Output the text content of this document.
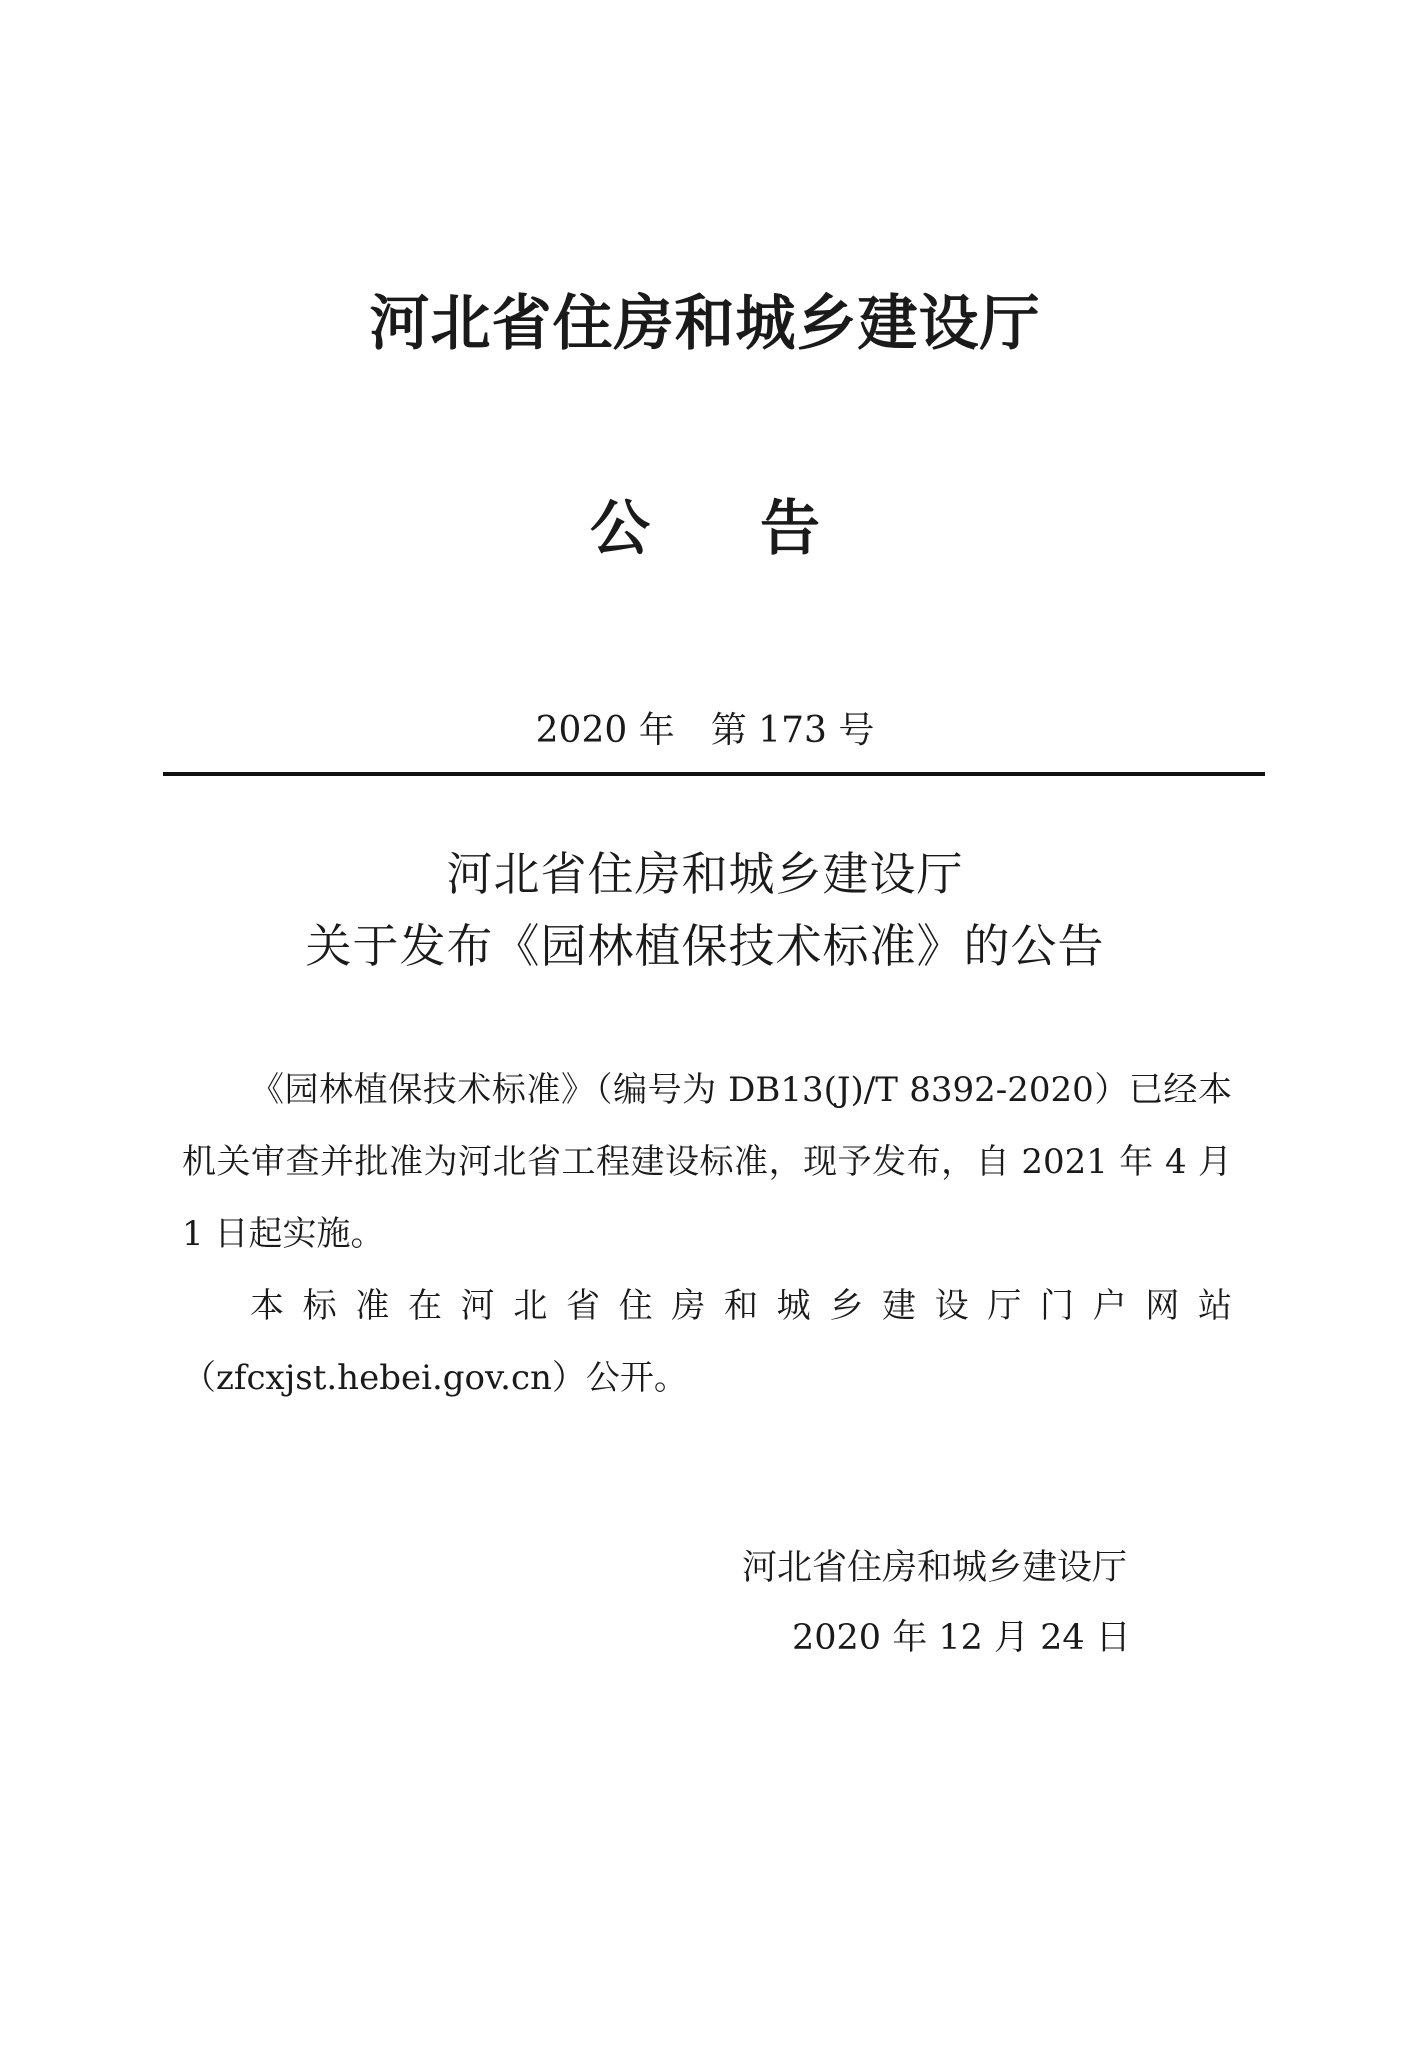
河北省住房和城乡建设厅
公告
2020 年 第 173 号
河北省住房和城乡建设厅
关于发布《园林植保技术标准》的公告

《园林植保技术标准》（编号为 DB13(J)/T 8392-2020）已经本机关审查并批准为河北省工程建设标准，现予发布，自 2021 年 4 月 1 日起实施。

本标准在河北省住房和城乡建设厅门户网站（zfcxjst.hebei.gov.cn）公开。

河北省住房和城乡建设厅
2020 年 12 月 24 日
